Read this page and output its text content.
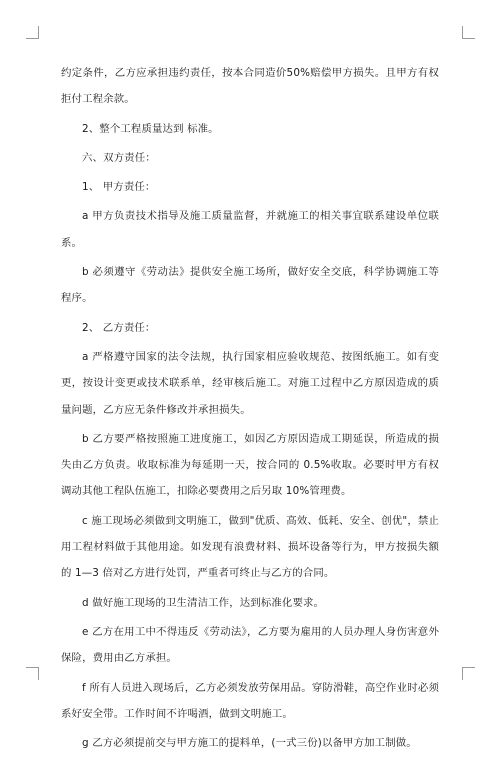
约定条件，乙方应承担违约责任，按本合同造价50%赔偿甲方损失。且甲方有权拒付工程余款。

2、整个工程质量达到 标准。

六、双方责任：

1、 甲方责任：

a 甲方负责技术指导及施工质量监督，并就施工的相关事宜联系建设单位联系。

b 必须遵守《劳动法》提供安全施工场所，做好安全交底，科学协调施工等程序。

2、 乙方责任：

a 严格遵守国家的法令法规，执行国家相应验收规范、按图纸施工。如有变更，按设计变更或技术联系单，经审核后施工。对施工过程中乙方原因造成的质量问题，乙方应无条件修改并承担损失。

b 乙方要严格按照施工进度施工，如因乙方原因造成工期延误，所造成的损失由乙方负责。收取标准为每延期一天，按合同的 0.5%收取。必要时甲方有权调动其他工程队伍施工，扣除必要费用之后另取 10%管理费。

c 施工现场必须做到文明施工，做到"优质、高效、低耗、安全、创优"，禁止用工程材料做于其他用途。如发现有浪费材料、损坏设备等行为，甲方按损失额的 1—3 倍对乙方进行处罚，严重者可终止与乙方的合同。

d 做好施工现场的卫生清洁工作，达到标准化要求。

e 乙方在用工中不得违反《劳动法》，乙方要为雇用的人员办理人身伤害意外保险，费用由乙方承担。

f 所有人员进入现场后，乙方必须发放劳保用品。穿防滑鞋，高空作业时必须系好安全带。工作时间不许喝酒，做到文明施工。

g 乙方必须提前交与甲方施工的提料单，(一式三份)以备甲方加工制做。
